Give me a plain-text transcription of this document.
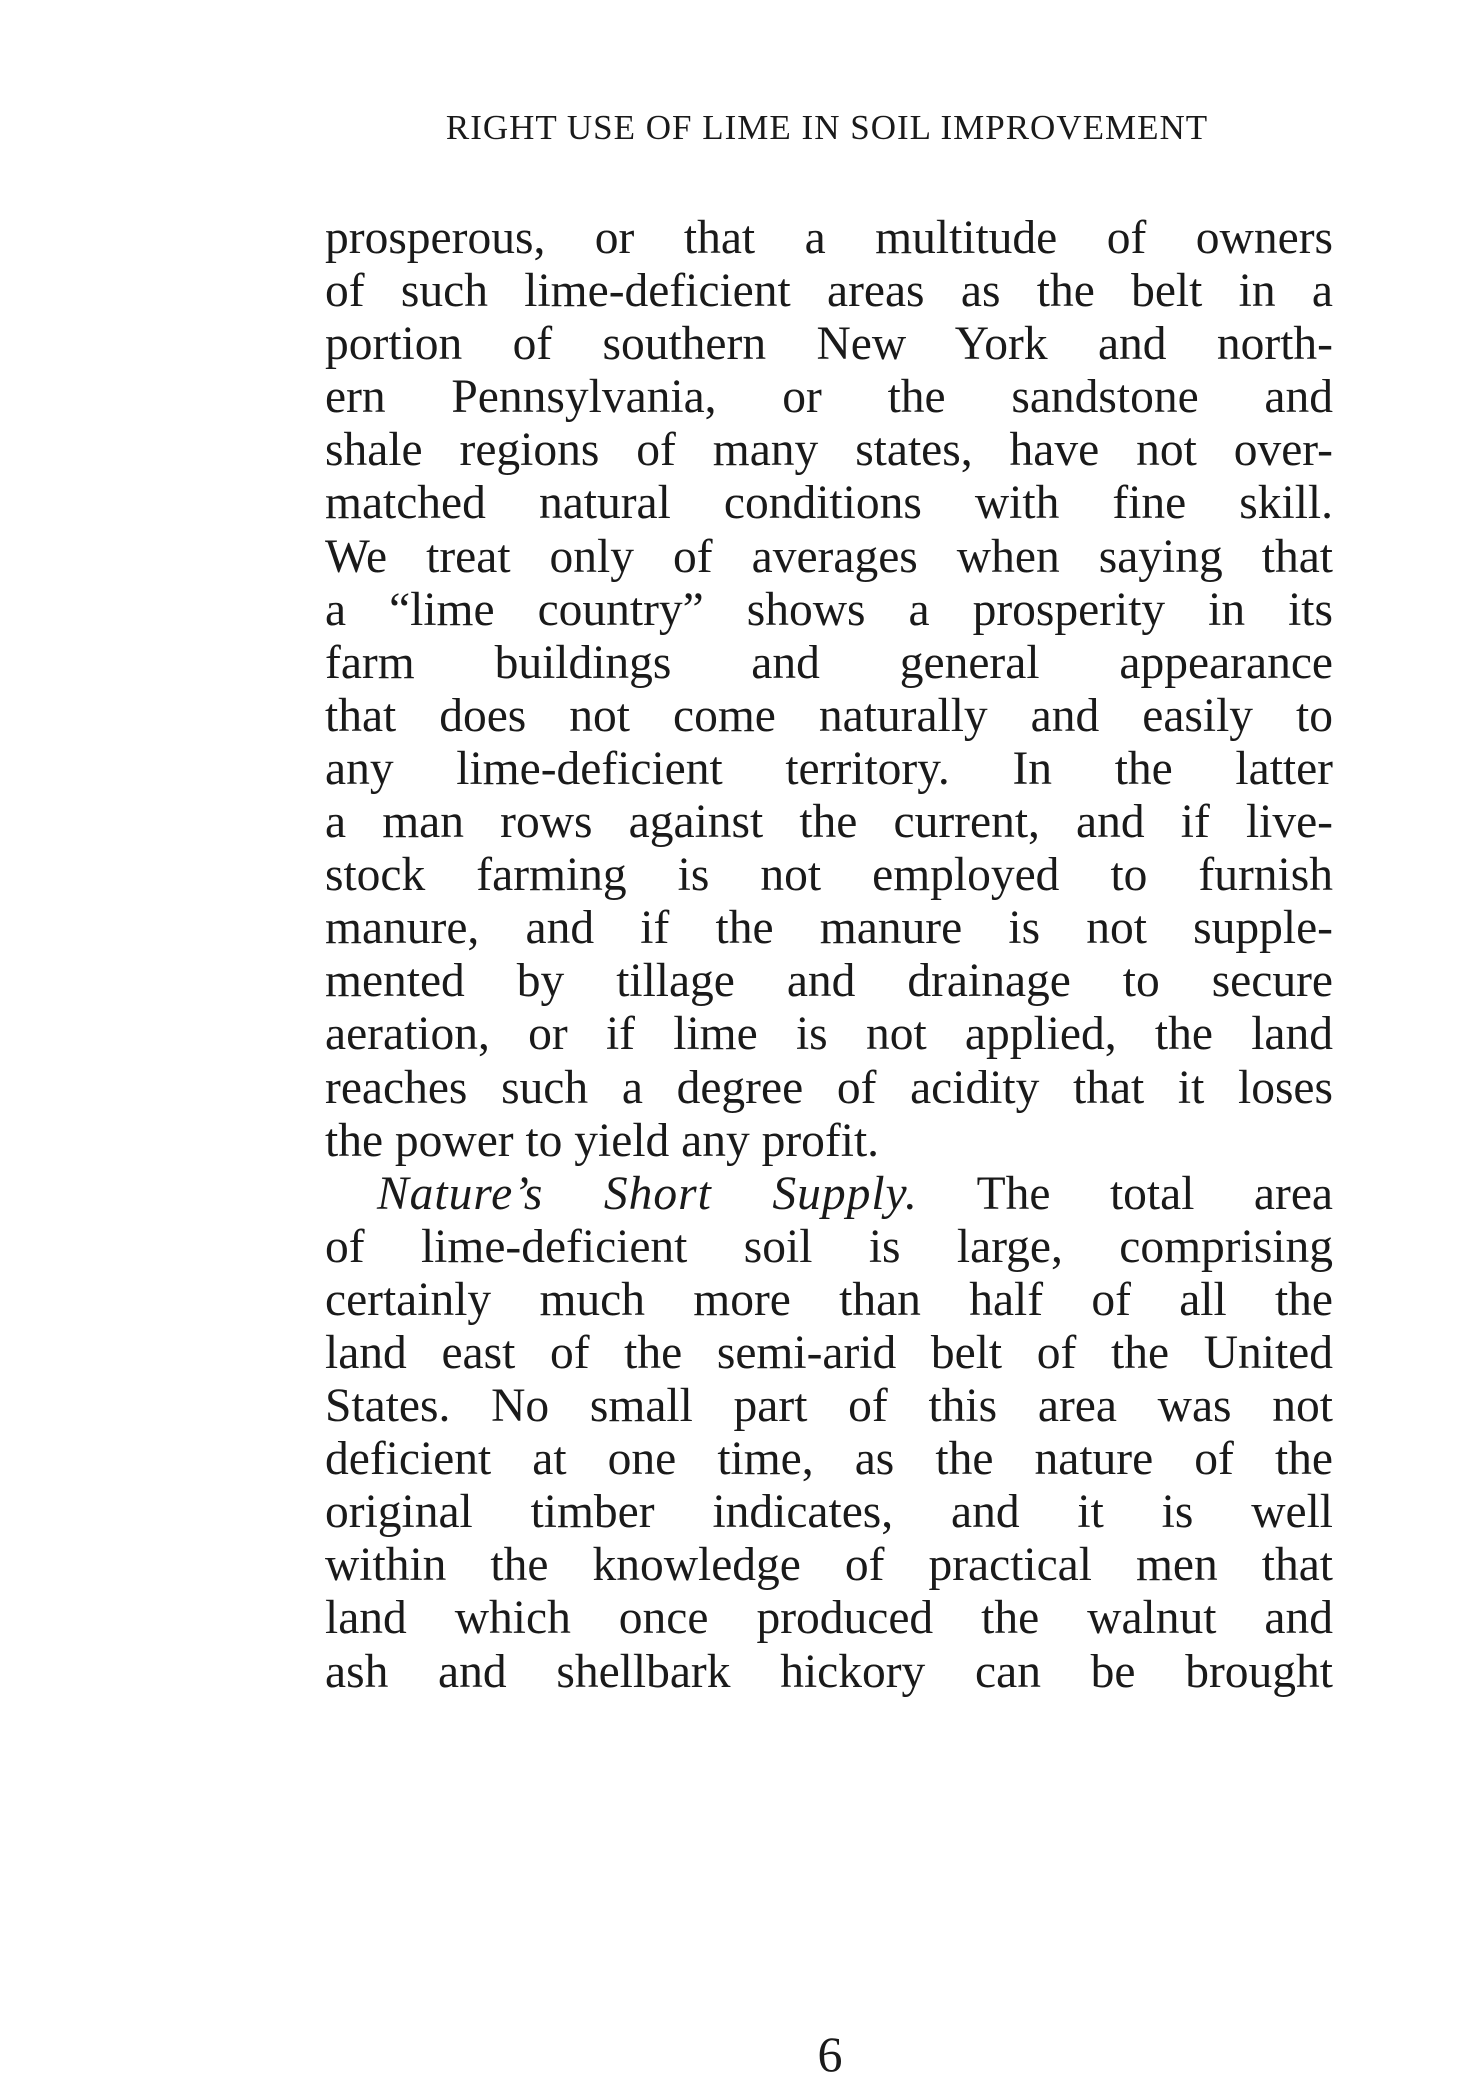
RIGHT USE OF LIME IN SOIL IMPROVEMENT
prosperous, or that a multitude of owners
of such lime-deficient areas as the belt in a
portion of southern New York and north-
ern Pennsylvania, or the sandstone and
shale regions of many states, have not over-
matched natural conditions with fine skill.
We treat only of averages when saying that
a “lime country” shows a prosperity in its
farm buildings and general appearance
that does not come naturally and easily to
any lime-deficient territory. In the latter
a man rows against the current, and if live-
stock farming is not employed to furnish
manure, and if the manure is not supple-
mented by tillage and drainage to secure
aeration, or if lime is not applied, the land
reaches such a degree of acidity that it loses
the power to yield any profit.
Nature’s Short Supply. The total area
of lime-deficient soil is large, comprising
certainly much more than half of all the
land east of the semi-arid belt of the United
States. No small part of this area was not
deficient at one time, as the nature of the
original timber indicates, and it is well
within the knowledge of practical men that
land which once produced the walnut and
ash and shellbark hickory can be brought
6
